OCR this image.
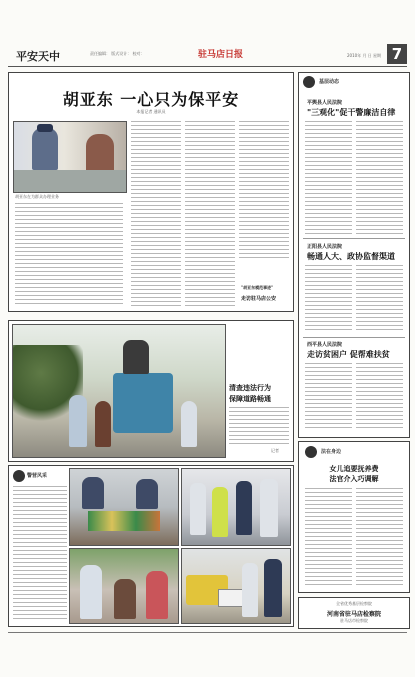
平安天中	责任编辑： 版式设计： 校对：	驻马店日报	2010年 月 日 星期 7
胡亚东 一心只为保平安
本报记者 通讯员
胡亚东在为群众办理业务
"胡亚东模范事迹"
走访驻马店公安
清查违法行为
保障道路畅通
记者
警营风采
基层动态
平舆县人民法院
"三观化"促干警廉洁自律
正阳县人民法院
畅通人大、政协监督渠道
西平县人民法院
走访贫困户 促帮难扶贫
法在身边
女儿追要抚养费
法官介入巧调解
全省优秀基层检察院
河南省驻马店检察院
驻马店市检察院
